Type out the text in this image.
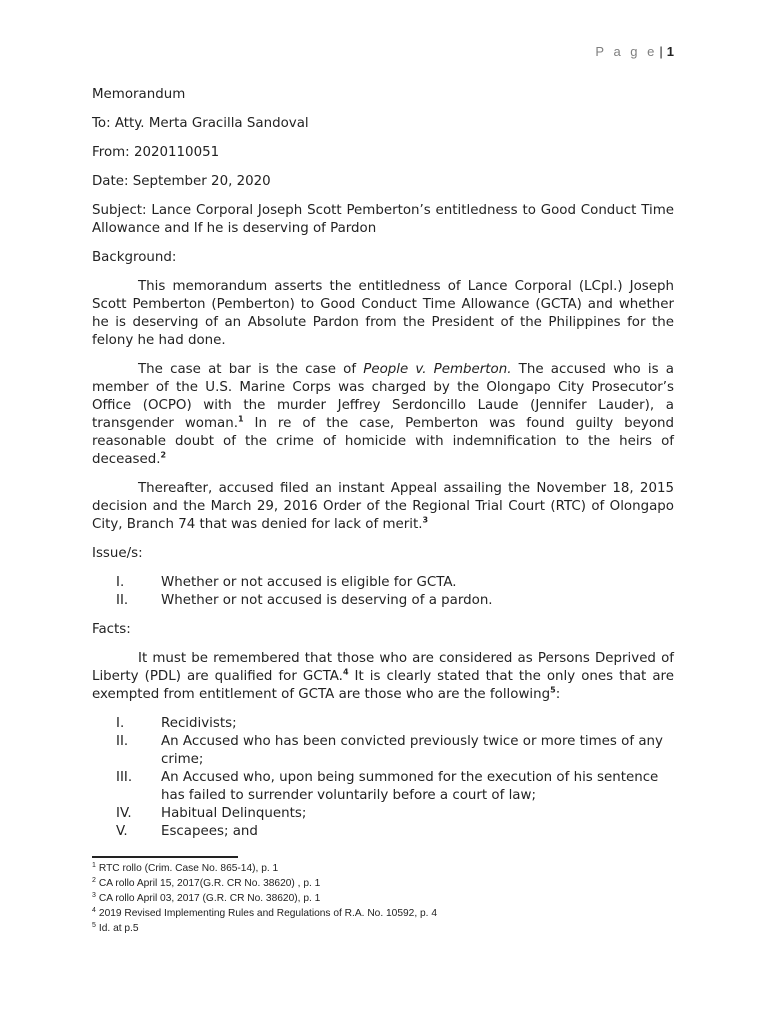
P a g e | 1

Memorandum

To: Atty. Merta Gracilla Sandoval

From: 2020110051

Date: September 20, 2020

Subject: Lance Corporal Joseph Scott Pemberton’s entitledness to Good Conduct Time Allowance and If he is deserving of Pardon

Background:

This memorandum asserts the entitledness of Lance Corporal (LCpl.) Joseph Scott Pemberton (Pemberton) to Good Conduct Time Allowance (GCTA) and whether he is deserving of an Absolute Pardon from the President of the Philippines for the felony he had done.

The case at bar is the case of People v. Pemberton. The accused who is a member of the U.S. Marine Corps was charged by the Olongapo City Prosecutor’s Office (OCPO) with the murder Jeffrey Serdoncillo Laude (Jennifer Lauder), a transgender woman.$^1$ In re of the case, Pemberton was found guilty beyond reasonable doubt of the crime of homicide with indemnification to the heirs of deceased.$^2$

Thereafter, accused filed an instant Appeal assailing the November 18, 2015 decision and the March 29, 2016 Order of the Regional Trial Court (RTC) of Olongapo City, Branch 74 that was denied for lack of merit.$^3$

Issue/s:

I.	Whether or not accused is eligible for GCTA.
II.	Whether or not accused is deserving of a pardon.

Facts:

It must be remembered that those who are considered as Persons Deprived of Liberty (PDL) are qualified for GCTA.$^4$ It is clearly stated that the only ones that are exempted from entitlement of GCTA are those who are the following$^5$:

I.	Recidivists;
II.	An Accused who has been convicted previously twice or more times of any crime;
III.	An Accused who, upon being summoned for the execution of his sentence has failed to surrender voluntarily before a court of law;
IV.	Habitual Delinquents;
V.	Escapees; and
$^1$ RTC rollo (Crim. Case No. 865-14), p. 1
$^2$ CA rollo April 15, 2017(G.R. CR No. 38620) , p. 1
$^3$ CA rollo April 03, 2017 (G.R. CR No. 38620), p. 1
$^4$ 2019 Revised Implementing Rules and Regulations of R.A. No. 10592, p. 4
$^5$ Id. at p.5
